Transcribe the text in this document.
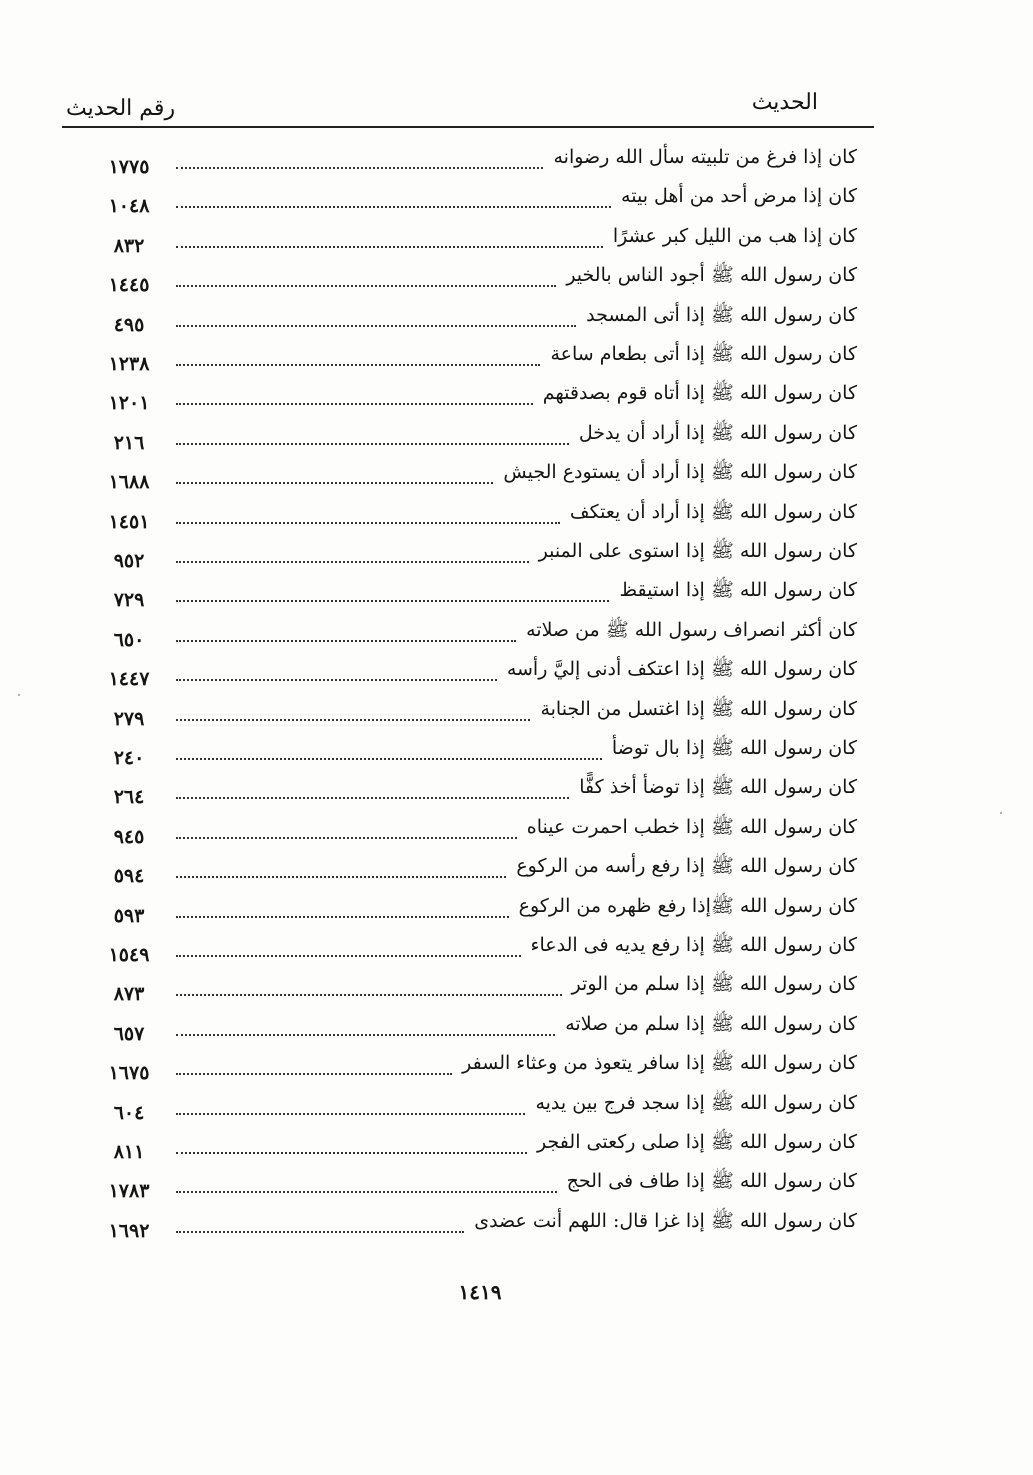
الحديث
رقم الحديث
كان إذا فرغ من تلبيته سأل الله رضوانه
١٧٧٥
كان إذا مرض أحد من أهل بيته
١٠٤٨
كان إذا هب من الليل كبر عشرًا
٨٣٢
كان رسول الله ﷺ أجود الناس بالخير
١٤٤٥
كان رسول الله ﷺ إذا أتى المسجد
٤٩٥
كان رسول الله ﷺ إذا أتى بطعام ساعة
١٢٣٨
كان رسول الله ﷺ إذا أتاه قوم بصدقتهم
١٢٠١
كان رسول الله ﷺ إذا أراد أن يدخل
٢١٦
كان رسول الله ﷺ إذا أراد أن يستودع الجيش
١٦٨٨
كان رسول الله ﷺ إذا أراد أن يعتكف
١٤٥١
كان رسول الله ﷺ إذا استوى على المنبر
٩٥٢
كان رسول الله ﷺ إذا استيقظ
٧٢٩
كان أكثر انصراف رسول الله ﷺ من صلاته
٦٥٠
كان رسول الله ﷺ إذا اعتكف أدنى إليَّ رأسه
١٤٤٧
كان رسول الله ﷺ إذا اغتسل من الجنابة
٢٧٩
كان رسول الله ﷺ إذا بال توضأ
٢٤٠
كان رسول الله ﷺ إذا توضأ أخذ كفًّا
٢٦٤
كان رسول الله ﷺ إذا خطب احمرت عيناه
٩٤٥
كان رسول الله ﷺ إذا رفع رأسه من الركوع
٥٩٤
كان رسول الله ﷺإذا رفع ظهره من الركوع
٥٩٣
كان رسول الله ﷺ إذا رفع يديه فى الدعاء
١٥٤٩
كان رسول الله ﷺ إذا سلم من الوتر
٨٧٣
كان رسول الله ﷺ إذا سلم من صلاته
٦٥٧
كان رسول الله ﷺ إذا سافر يتعوذ من وعثاء السفر
١٦٧٥
كان رسول الله ﷺ إذا سجد فرج بين يديه
٦٠٤
كان رسول الله ﷺ إذا صلى ركعتى الفجر
٨١١
كان رسول الله ﷺ إذا طاف فى الحج
١٧٨٣
كان رسول الله ﷺ إذا غزا قال: اللهم أنت عضدى
١٦٩٢
١٤١٩
